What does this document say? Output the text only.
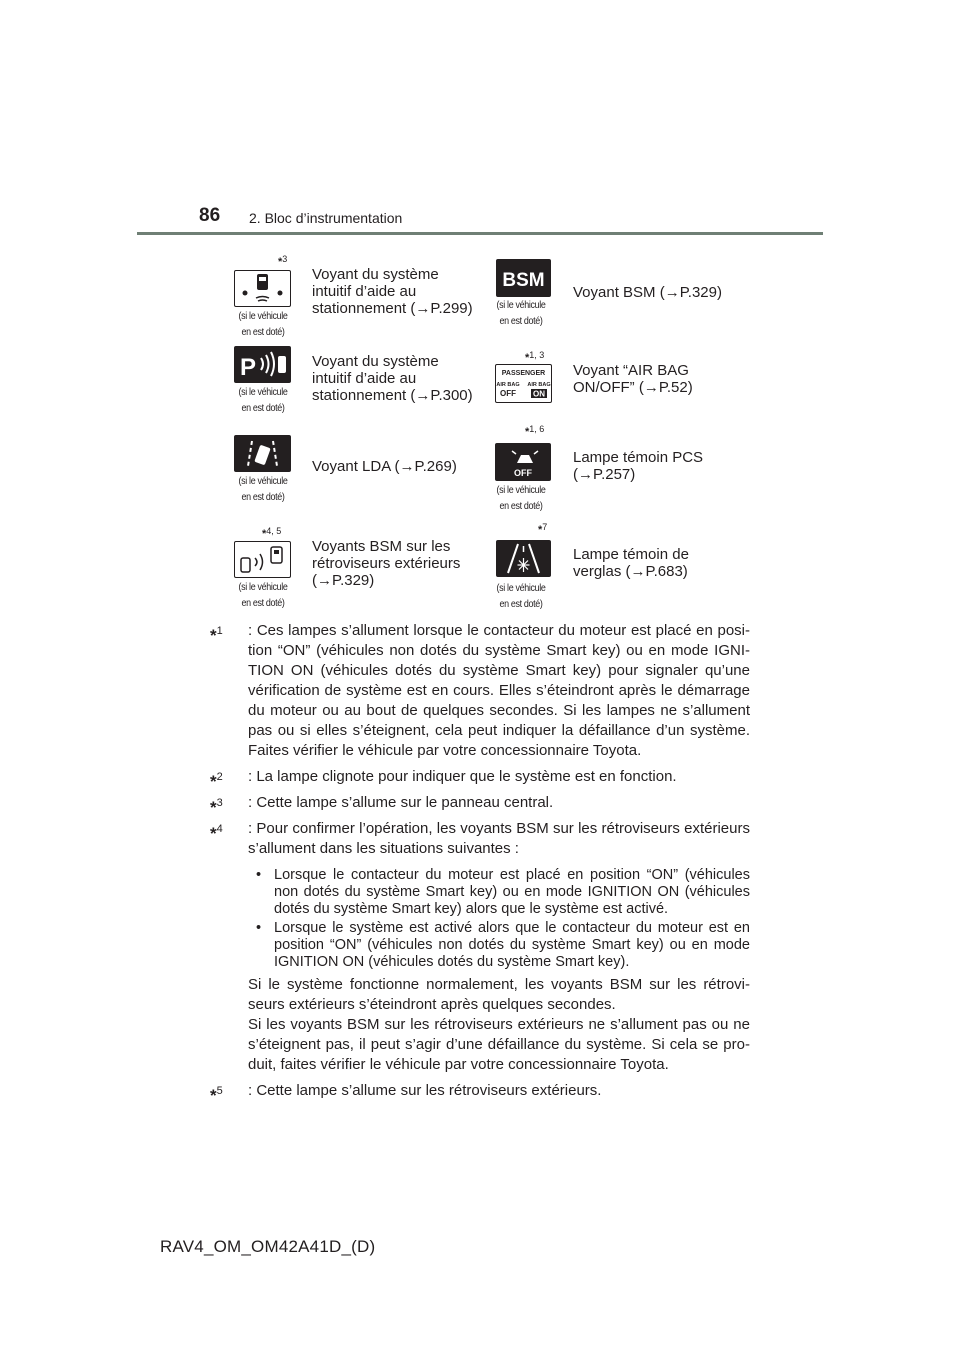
86 2. Bloc d’instrumentation
*$^3$
(si le véhicule
en est doté)
Voyant du système
intuitif d’aide au
stationnement (→P.299)
BSM
(si le véhicule
en est doté)
Voyant BSM (→P.329)
P
(si le véhicule
en est doté)
Voyant du système
intuitif d’aide au
stationnement (→P.300)
*$^{1, 3}$
PASSENGER
AIR BAG
OFF
AIR BAG
ON
Voyant “AIR BAG
ON/OFF” (→P.52)
(si le véhicule
en est doté)
Voyant LDA (→P.269)
*$^{1, 6}$
OFF
(si le véhicule
en est doté)
Lampe témoin PCS
(→P.257)
*$^{4, 5}$
(si le véhicule
en est doté)
Voyants BSM sur les
rétroviseurs extérieurs
(→P.329)
*$^7$
(si le véhicule
en est doté)
Lampe témoin de
verglas (→P.683)
*$^1$ : Ces lampes s’allument lorsque le contacteur du moteur est placé en posi-tion “ON” (véhicules non dotés du système Smart key) ou en mode IGNI-TION ON (véhicules dotés du système Smart key) pour signaler qu’une vérification de système est en cours. Elles s’éteindront après le démarrage du moteur ou au bout de quelques secondes. Si les lampes ne s’allument pas ou si elles s’éteignent, cela peut indiquer la défaillance d’un système. Faites vérifier le véhicule par votre concessionnaire Toyota.

*$^2$ : La lampe clignote pour indiquer que le système est en fonction.

*$^3$ : Cette lampe s’allume sur le panneau central.

*$^4$ : Pour confirmer l’opération, les voyants BSM sur les rétroviseurs extérieurs s’allument dans les situations suivantes :

• Lorsque le contacteur du moteur est placé en position “ON” (véhicules non dotés du système Smart key) ou en mode IGNITION ON (véhicules dotés du système Smart key) alors que le système est activé.
• Lorsque le système est activé alors que le contacteur du moteur est en position “ON” (véhicules non dotés du système Smart key) ou en mode IGNITION ON (véhicules dotés du système Smart key).

Si le système fonctionne normalement, les voyants BSM sur les rétrovi-seurs extérieurs s’éteindront après quelques secondes.

Si les voyants BSM sur les rétroviseurs extérieurs ne s’allument pas ou ne s’éteignent pas, il peut s’agir d’une défaillance du système. Si cela se pro-duit, faites vérifier le véhicule par votre concessionnaire Toyota.

*$^5$ : Cette lampe s’allume sur les rétroviseurs extérieurs.

RAV4_OM_OM42A41D_(D)
